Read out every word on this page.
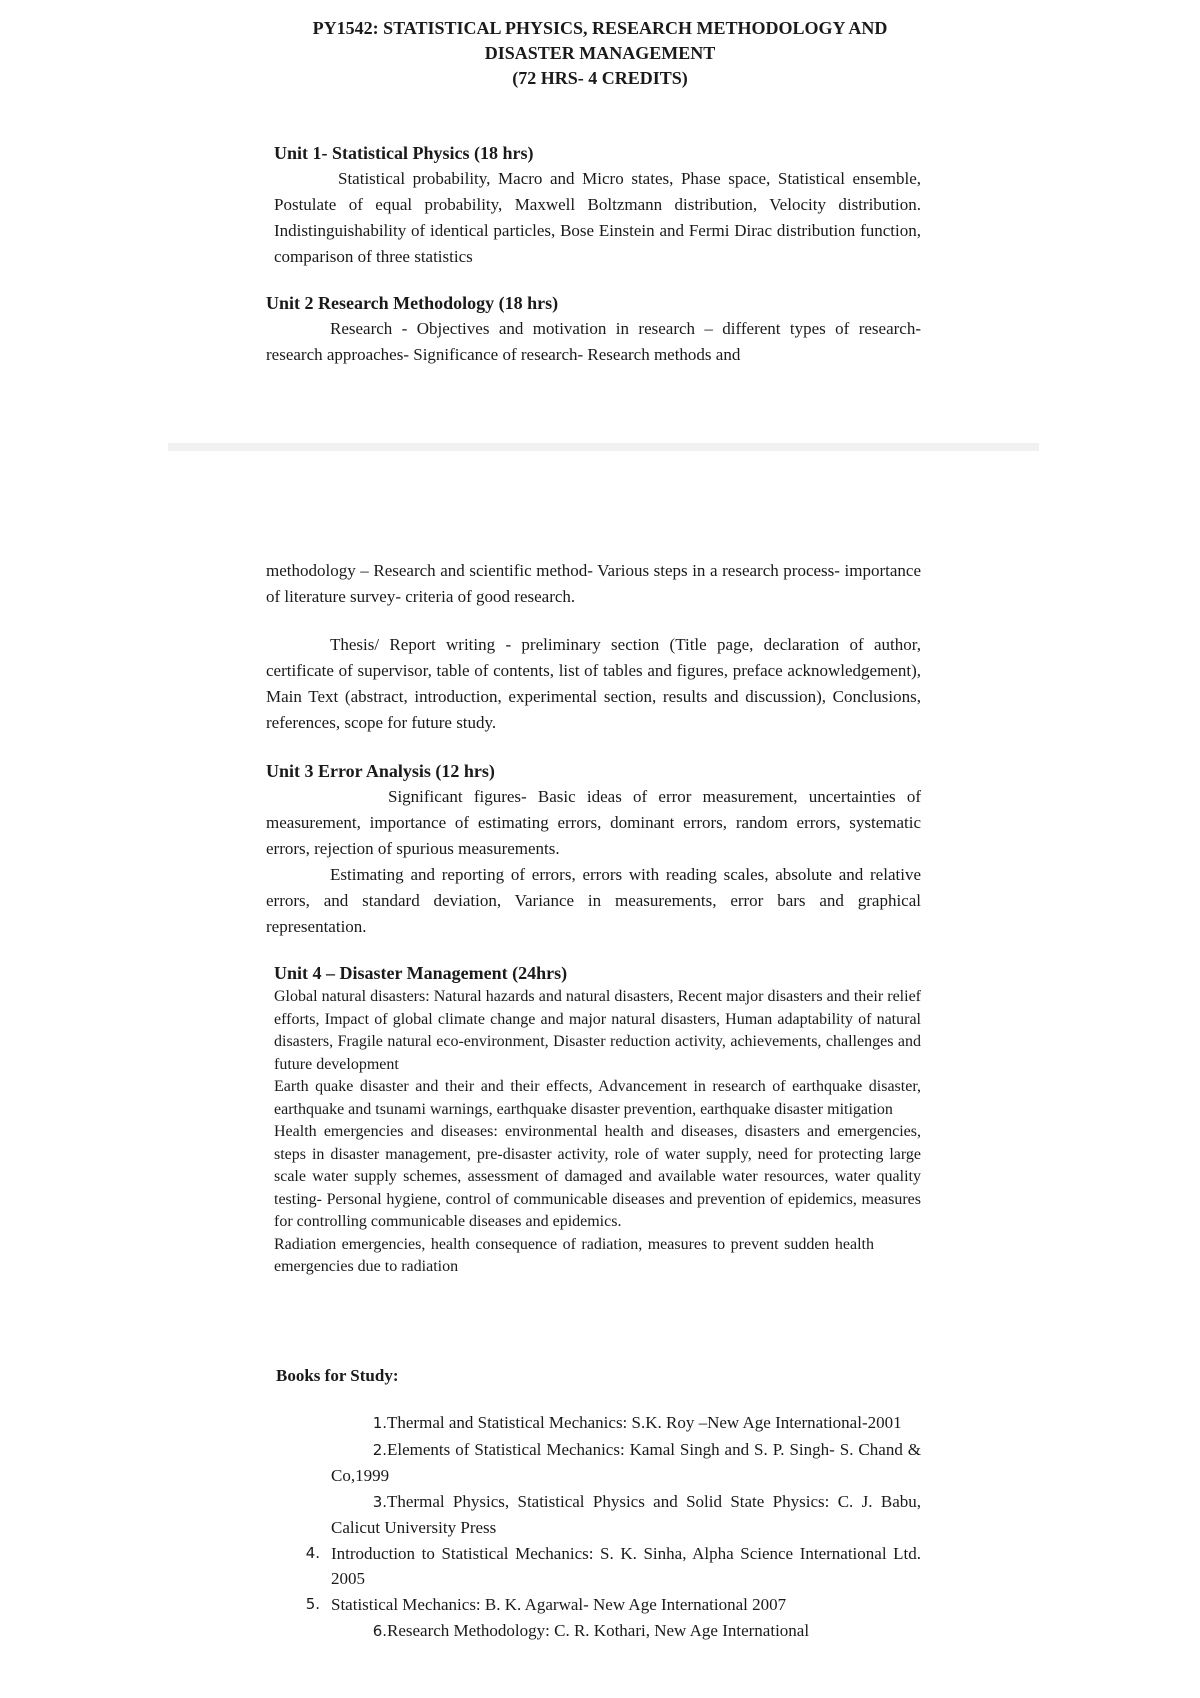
PY1542: STATISTICAL PHYSICS, RESEARCH METHODOLOGY AND
DISASTER MANAGEMENT
(72 HRS- 4 CREDITS)

Unit 1- Statistical Physics (18 hrs)

Statistical probability, Macro and Micro states, Phase space, Statistical ensemble, Postulate of equal probability, Maxwell Boltzmann distribution, Velocity distribution. Indistinguishability of identical particles, Bose Einstein and Fermi Dirac distribution function, comparison of three statistics

Unit 2 Research Methodology (18 hrs)

Research - Objectives and motivation in research – different types of research- research approaches- Significance of research- Research methods and

methodology – Research and scientific method- Various steps in a research process- importance of literature survey- criteria of good research.

Thesis/ Report writing - preliminary section (Title page, declaration of author, certificate of supervisor, table of contents, list of tables and figures, preface acknowledgement), Main Text (abstract, introduction, experimental section, results and discussion), Conclusions, references, scope for future study.

Unit 3 Error Analysis (12 hrs)

Significant figures- Basic ideas of error measurement, uncertainties of measurement, importance of estimating errors, dominant errors, random errors, systematic errors, rejection of spurious measurements.

Estimating and reporting of errors, errors with reading scales, absolute and relative errors, and standard deviation, Variance in measurements, error bars and graphical representation.

Unit 4 – Disaster Management (24hrs)

Global natural disasters: Natural hazards and natural disasters, Recent major disasters and their relief efforts, Impact of global climate change and major natural disasters, Human adaptability of natural disasters, Fragile natural eco-environment, Disaster reduction activity, achievements, challenges and future development

Earth quake disaster and their and their effects, Advancement in research of earthquake disaster, earthquake and tsunami warnings, earthquake disaster prevention, earthquake disaster mitigation

Health emergencies and diseases: environmental health and diseases, disasters and emergencies, steps in disaster management, pre-disaster activity, role of water supply, need for protecting large scale water supply schemes, assessment of damaged and available water resources, water quality testing- Personal hygiene, control of communicable diseases and prevention of epidemics, measures for controlling communicable diseases and epidemics.

Radiation emergencies, health consequence of radiation, measures to prevent sudden health emergencies due to radiation

Books for Study:

1.Thermal and Statistical Mechanics: S.K. Roy –New Age International-2001
2.Elements of Statistical Mechanics: Kamal Singh and S. P. Singh- S. Chand & Co,1999
3.Thermal Physics, Statistical Physics and Solid State Physics: C. J. Babu, Calicut University Press
4. Introduction to Statistical Mechanics: S. K. Sinha, Alpha Science International Ltd. 2005
5. Statistical Mechanics: B. K. Agarwal- New Age International 2007
6.Research Methodology: C. R. Kothari, New Age International
